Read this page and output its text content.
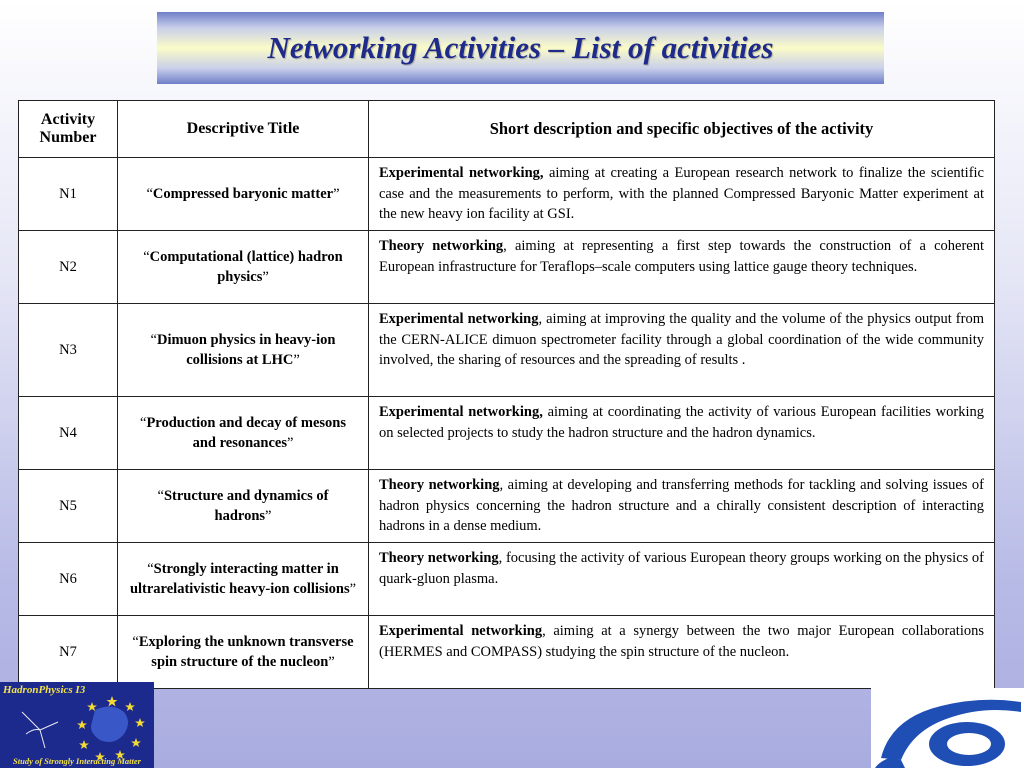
Networking Activities – List of activities
Activity Number	Descriptive Title	Short description and specific objectives of the activity
N1	“Compressed baryonic matter”	Experimental networking, aiming at creating a European research network to finalize the scientific case and the measurements to perform, with the planned Compressed Baryonic Matter experiment at the new heavy ion facility at GSI.
N2	“Computational (lattice) hadron physics”	Theory networking, aiming at representing a first step towards the construction of a coherent European infrastructure for Teraflops–scale computers using lattice gauge theory techniques.
N3	“Dimuon physics in heavy-ion collisions at LHC”	Experimental networking, aiming at improving the quality and the volume of the physics output from the CERN-ALICE dimuon spectrometer facility through a global coordination of the wide community involved, the sharing of resources and the spreading of results .
N4	“Production and decay of mesons and resonances”	Experimental networking, aiming at coordinating the activity of various European facilities working on selected projects to study the hadron structure and the hadron dynamics.
N5	“Structure and dynamics of hadrons”	Theory networking, aiming at developing and transferring methods for tackling and solving issues of hadron physics concerning the hadron structure and a chirally consistent description of interacting hadrons in a dense medium.
N6	“Strongly interacting matter in ultrarelativistic heavy-ion collisions”	Theory networking, focusing the activity of various European theory groups working on the physics of quark-gluon plasma.
N7	“Exploring the unknown transverse spin structure of the nucleon”	Experimental networking, aiming at a synergy between the two major European collaborations (HERMES and COMPASS) studying the spin structure of the nucleon.
HadronPhysics I3
Study of Strongly Interacting Matter
